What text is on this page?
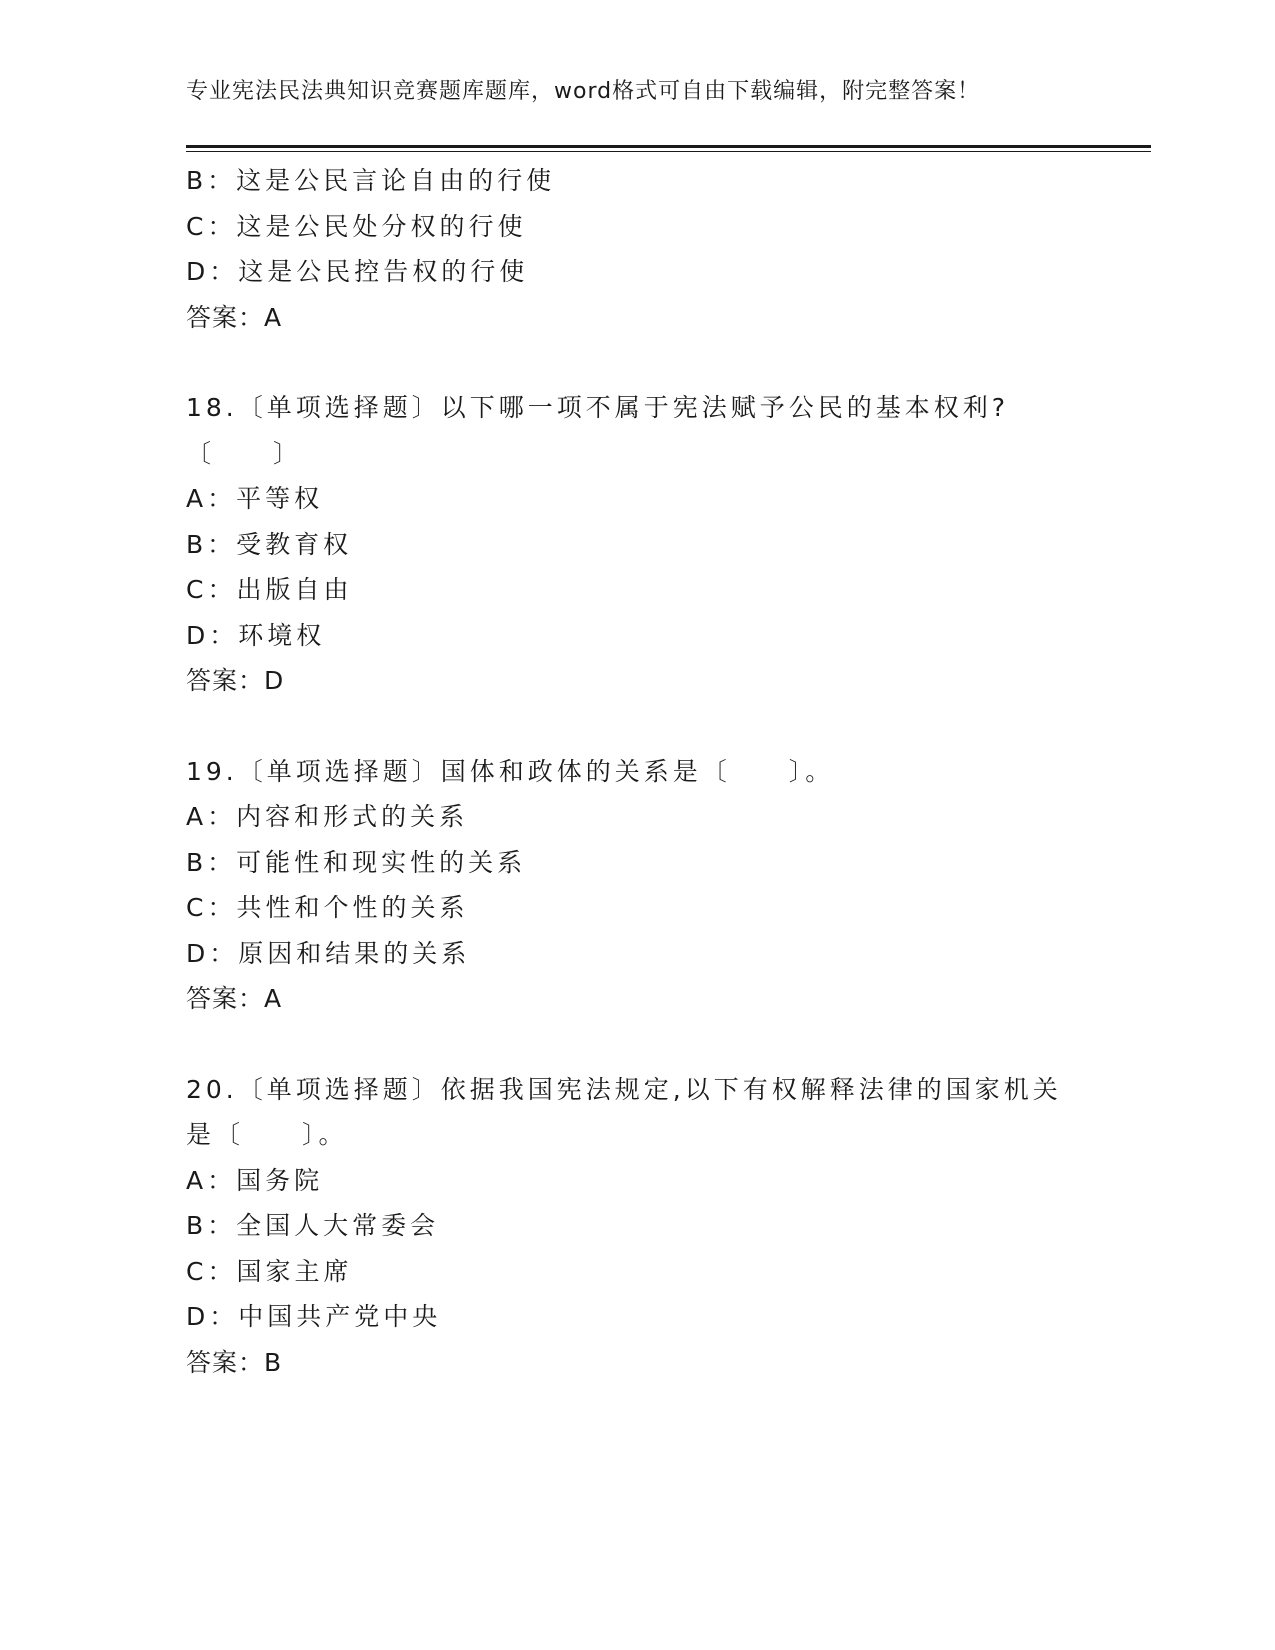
专业宪法民法典知识竞赛题库题库，word格式可自由下载编辑，附完整答案！
B：这是公民言论自由的行使
C：这是公民处分权的行使
D：这是公民控告权的行使
答案：A
18.〔单项选择题〕以下哪一项不属于宪法赋予公民的基本权利?〔　　〕
A：平等权
B：受教育权
C：出版自由
D：环境权
答案：D
19.〔单项选择题〕国体和政体的关系是〔　　〕。
A：内容和形式的关系
B：可能性和现实性的关系
C：共性和个性的关系
D：原因和结果的关系
答案：A
20.〔单项选择题〕依据我国宪法规定,以下有权解释法律的国家机关是〔　　〕。
A：国务院
B：全国人大常委会
C：国家主席
D：中国共产党中央
答案：B
